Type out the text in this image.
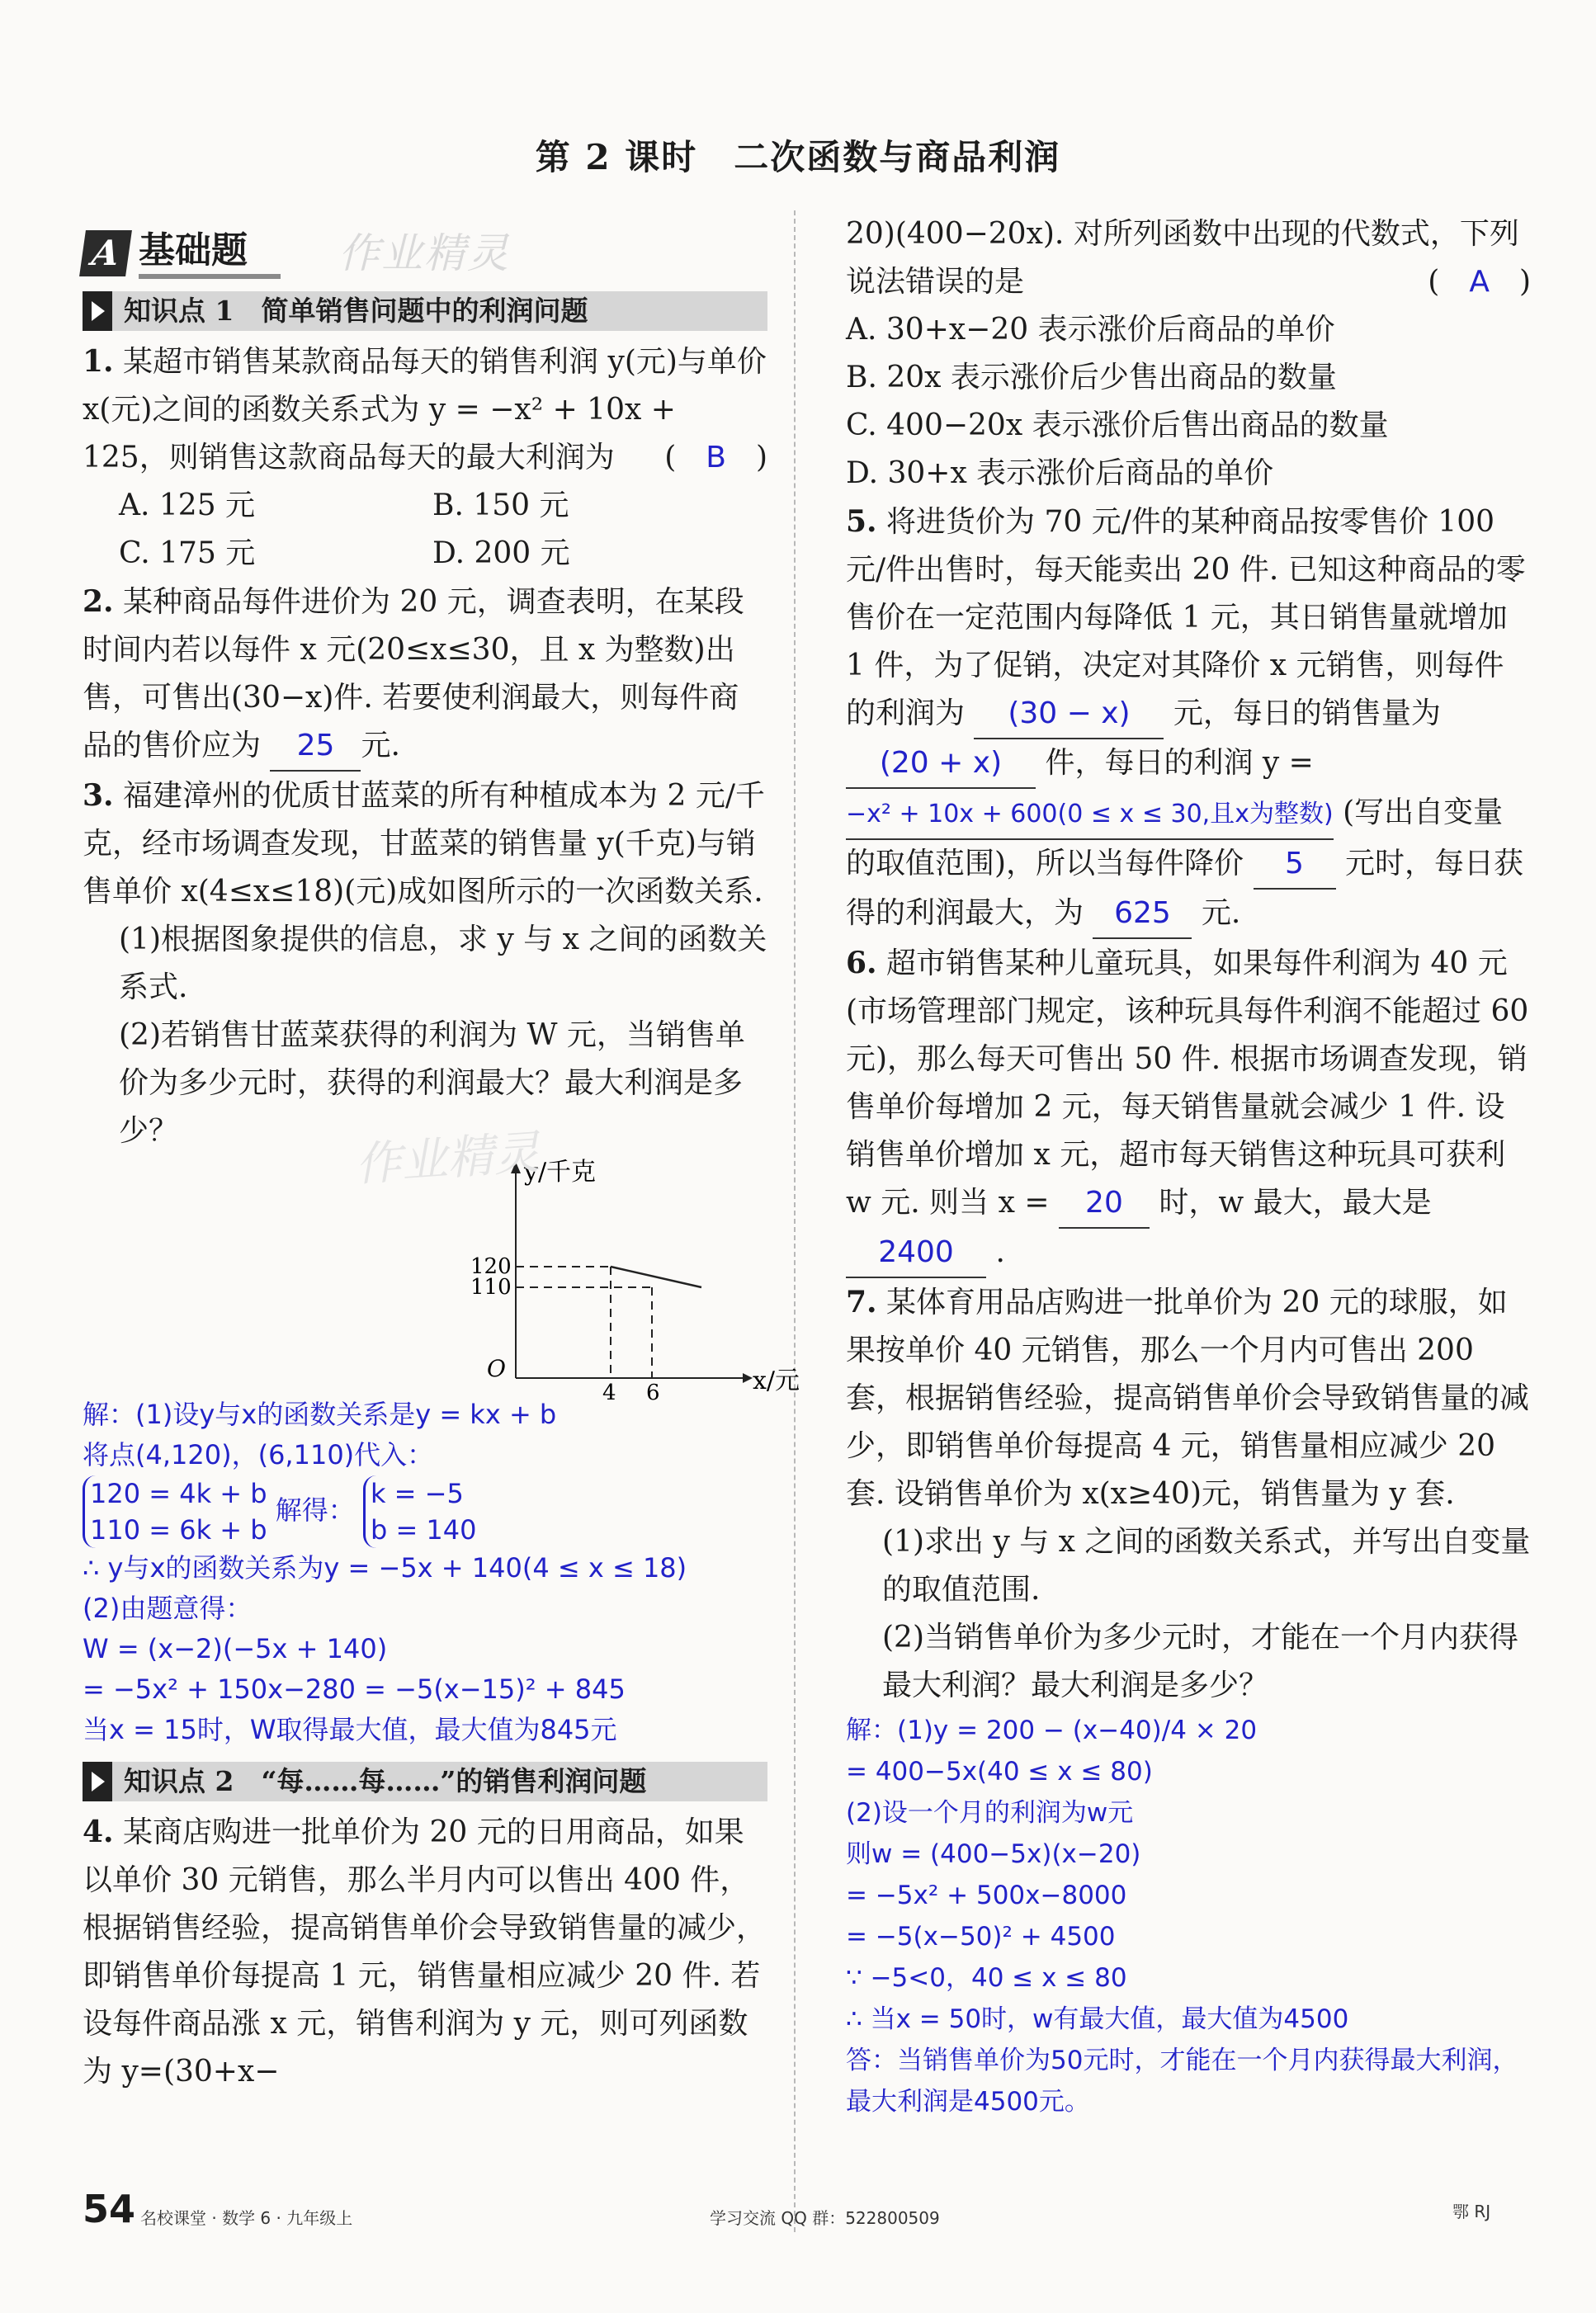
第 2 课时　二次函数与商品利润
A 基础题	作业精灵
知识点 1　简单销售问题中的利润问题
1. 某超市销售某款商品每天的销售利润 y(元)与单价 x(元)之间的函数关系式为 y = −x² + 10x + 125，则销售这款商品每天的最大利润为 (　B　)
A. 125 元	B. 150 元
C. 175 元	D. 200 元
2. 某种商品每件进价为 20 元，调查表明，在某段时间内若以每件 x 元(20≤x≤30，且 x 为整数)出售，可售出(30−x)件. 若要使利润最大，则每件商品的售价应为 25 元.
3. 福建漳州的优质甘蓝菜的所有种植成本为 2 元/千克，经市场调查发现，甘蓝菜的销售量 y(千克)与销售单价 x(4≤x≤18)(元)成如图所示的一次函数关系.
(1)根据图象提供的信息，求 y 与 x 之间的函数关系式.
(2)若销售甘蓝菜获得的利润为 W 元，当销售单价为多少元时，获得的利润最大？最大利润是多少？
y/千克
x/元
O
120
110
4 6
解：(1)设y与x的函数关系是y = kx + b
将点(4,120)，(6,110)代入：
120 = 4k + b
110 = 6k + b
解得：
k = −5
b = 140
∴ y与x的函数关系为y = −5x + 140(4 ≤ x ≤ 18)
(2)由题意得：
W = (x−2)(−5x + 140)
= −5x² + 150x−280 = −5(x−15)² + 845
当x = 15时，W取得最大值，最大值为845元
知识点 2　“每……每……”的销售利润问题
4. 某商店购进一批单价为 20 元的日用商品，如果以单价 30 元销售，那么半月内可以售出 400 件，根据销售经验，提高销售单价会导致销售量的减少，即销售单价每提高 1 元，销售量相应减少 20 件. 若设每件商品涨 x 元，销售利润为 y 元，则可列函数为 y=(30+x−
20)(400−20x). 对所列函数中出现的代数式，下列说法错误的是	(　A　)
A. 30+x−20 表示涨价后商品的单价
B. 20x 表示涨价后少售出商品的数量
C. 400−20x 表示涨价后售出商品的数量
D. 30+x 表示涨价后商品的单价
5. 将进货价为 70 元/件的某种商品按零售价 100 元/件出售时，每天能卖出 20 件. 已知这种商品的零售价在一定范围内每降低 1 元，其日销售量就增加 1 件，为了促销，决定对其降价 x 元销售，则每件的利润为 (30 − x) 元，每日的销售量为 (20 + x) 件，每日的利润 y = −x² + 10x + 600(0 ≤ x ≤ 30,且x为整数) (写出自变量的取值范围)，所以当每件降价 5 元时，每日获得的利润最大，为 625 元.
6. 超市销售某种儿童玩具，如果每件利润为 40 元(市场管理部门规定，该种玩具每件利润不能超过 60 元)，那么每天可售出 50 件. 根据市场调查发现，销售单价每增加 2 元，每天销售量就会减少 1 件. 设销售单价增加 x 元，超市每天销售这种玩具可获利 w 元. 则当 x = 20 时，w 最大，最大是 2400 .
7. 某体育用品店购进一批单价为 20 元的球服，如果按单价 40 元销售，那么一个月内可售出 200 套，根据销售经验，提高销售单价会导致销售量的减少，即销售单价每提高 4 元，销售量相应减少 20 套. 设销售单价为 x(x≥40)元，销售量为 y 套.
(1)求出 y 与 x 之间的函数关系式，并写出自变量的取值范围.
(2)当销售单价为多少元时，才能在一个月内获得最大利润？最大利润是多少？
解：(1)y = 200 − (x−40)/4 × 20
= 400−5x(40 ≤ x ≤ 80)
(2)设一个月的利润为w元
则w = (400−5x)(x−20)
= −5x² + 500x−8000
= −5(x−50)² + 4500
∵ −5<0，40 ≤ x ≤ 80
∴ 当x = 50时，w有最大值，最大值为4500
答：当销售单价为50元时，才能在一个月内获得最大利润，
最大利润是4500元。
作业精灵
54 名校课堂 · 数学 6 · 九年级上	学习交流 QQ 群：522800509	鄂 RJ
